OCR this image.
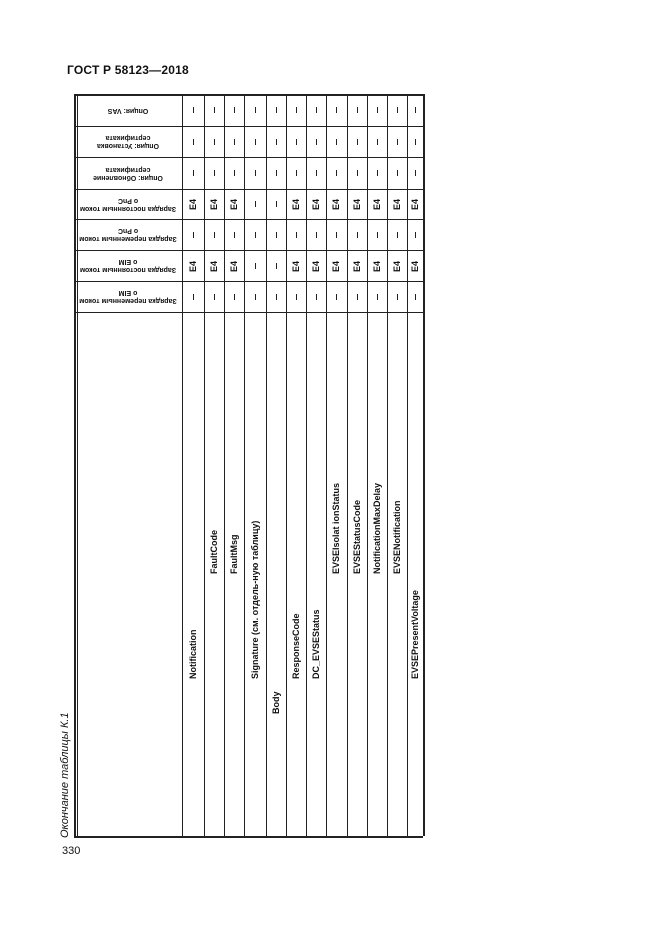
ГОСТ Р 58123—2018
Окончание таблицы К.1
330
Зарядка переменным током о ЕIМ
Зарядка постоянным током о ЕIМ
Зарядка переменным током о PnC
Зарядка постоянным током о PnC
Опция: Обновление сертификата
Опция: Установка сертификата
Опция: VAS
Notification
E4
E4
FaultCode
E4
E4
FaultMsg
E4
E4
Signature (см. отдель-ную таблицу)
Body
ResponseCode
E4
E4
DC_EVSEStatus
E4
E4
EVSEIsolat ionStatus
E4
E4
EVSEStatusCode
E4
E4
NotificationMaxDelay
E4
E4
EVSENotification
E4
E4
EVSEPresentVoltage
E4
E4
